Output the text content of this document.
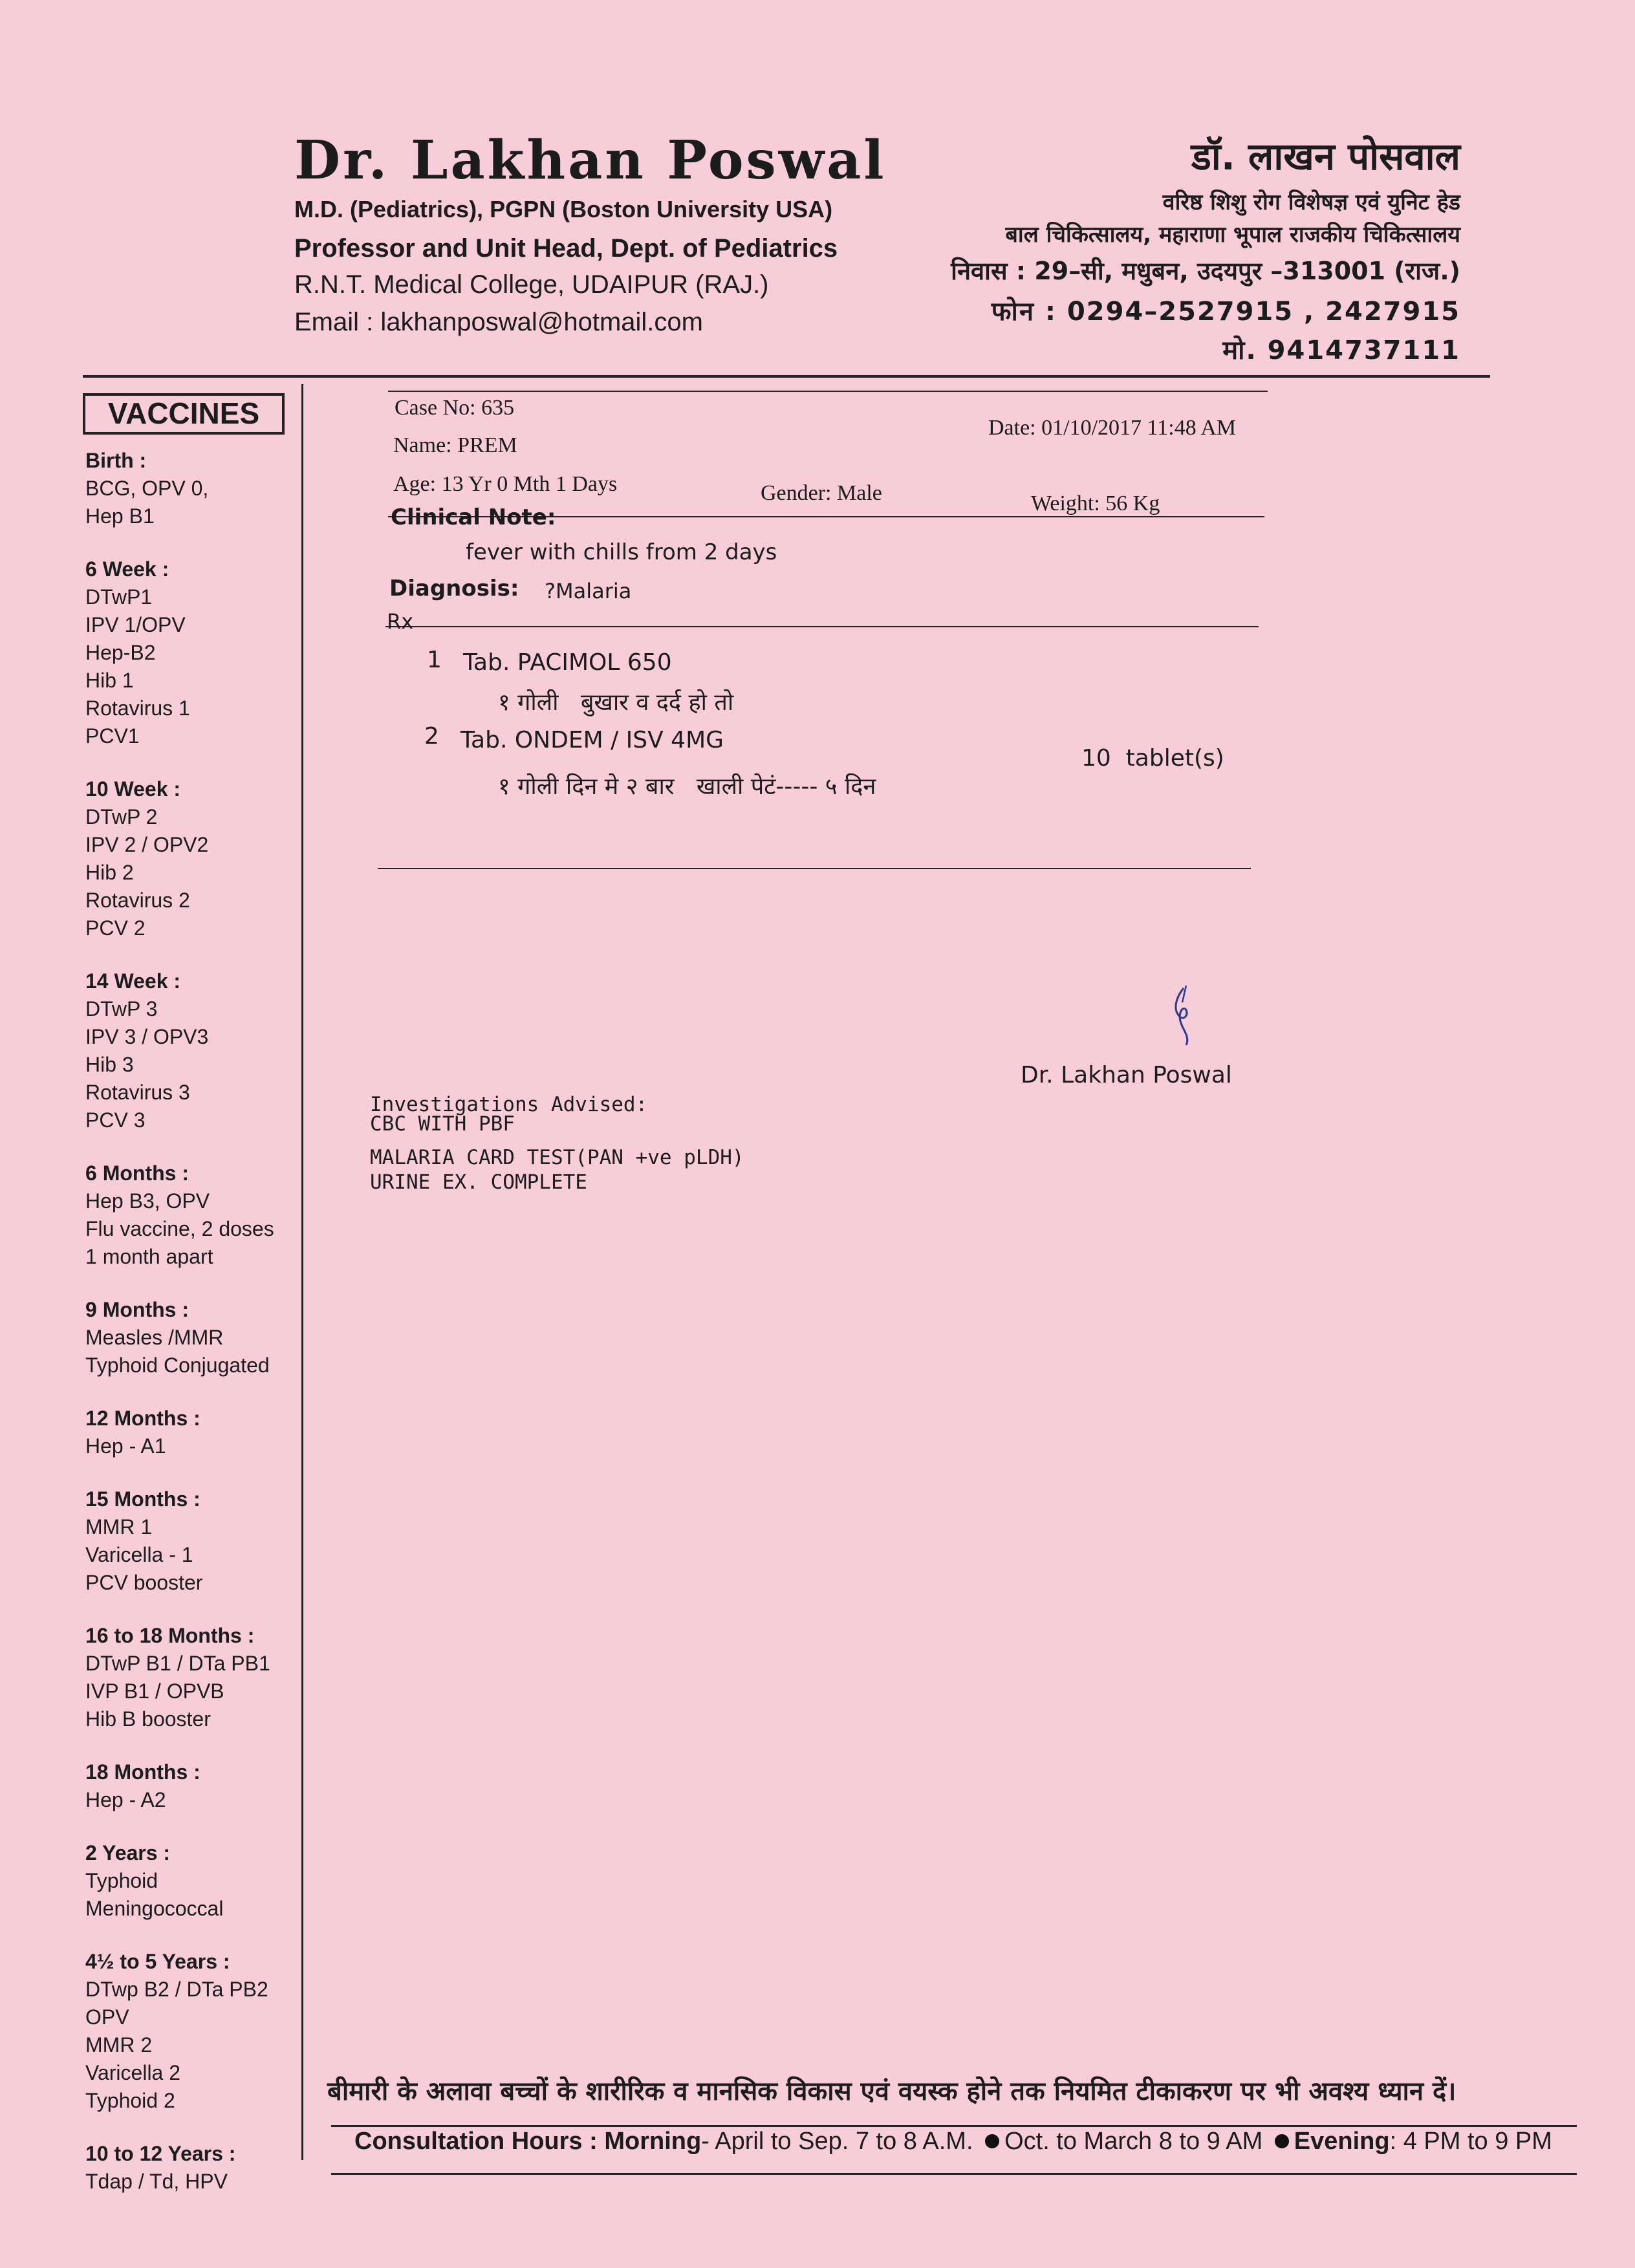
Dr. Lakhan Poswal
M.D. (Pediatrics), PGPN (Boston University USA)
Professor and Unit Head, Dept. of Pediatrics
R.N.T. Medical College, UDAIPUR (RAJ.)
Email : lakhanposwal@hotmail.com
डॉ. लाखन पोसवाल
वरिष्ठ शिशु रोग विशेषज्ञ एवं युनिट हेड
बाल चिकित्सालय, महाराणा भूपाल राजकीय चिकित्सालय
निवास : 29–सी, मधुबन, उदयपुर –313001 (राज.)
फोन : 0294–2527915 , 2427915
मो. 9414737111
VACCINES
Birth :
BCG, OPV 0,
Hep B1
6 Week :
DTwP1
IPV 1/OPV
Hep-B2
Hib 1
Rotavirus 1
PCV1
10 Week :
DTwP 2
IPV 2 / OPV2
Hib 2
Rotavirus 2
PCV 2
14 Week :
DTwP 3
IPV 3 / OPV3
Hib 3
Rotavirus 3
PCV 3
6 Months :
Hep B3, OPV
Flu vaccine, 2 doses
1 month apart
9 Months :
Measles /MMR
Typhoid Conjugated
12 Months :
Hep - A1
15 Months :
MMR 1
Varicella - 1
PCV booster
16 to 18 Months :
DTwP B1 / DTa PB1
IVP B1 / OPVB
Hib B booster
18 Months :
Hep - A2
2 Years :
Typhoid
Meningococcal
4½ to 5 Years :
DTwp B2 / DTa PB2
OPV
MMR 2
Varicella 2
Typhoid 2
10 to 12 Years :
Tdap / Td, HPV
Case No: 635
Name: PREM
Age: 13 Yr 0 Mth 1 Days	Gender: Male
Date: 01/10/2017 11:48 AM
Weight: 56 Kg
Clinical Note:
fever with chills from 2 days
Diagnosis: ?Malaria
Rx
1 Tab. PACIMOL 650
१ गोली   बुखार व दर्द हो तो
2 Tab. ONDEM / ISV 4MG
10  tablet(s)
१ गोली दिन मे २ बार   खाली पेटं----- ५ दिन
Dr. Lakhan Poswal
Investigations Advised:
CBC WITH PBF
MALARIA CARD TEST(PAN +ve pLDH)
URINE EX. COMPLETE
बीमारी के अलावा बच्चों के शारीरिक व मानसिक विकास एवं वयस्क होने तक नियमित टीकाकरण पर भी अवश्य ध्यान दें।
Consultation Hours : Morning- April to Sep. 7 to 8 A.M. Oct. to March 8 to 9 AM Evening: 4 PM to 9 PM
